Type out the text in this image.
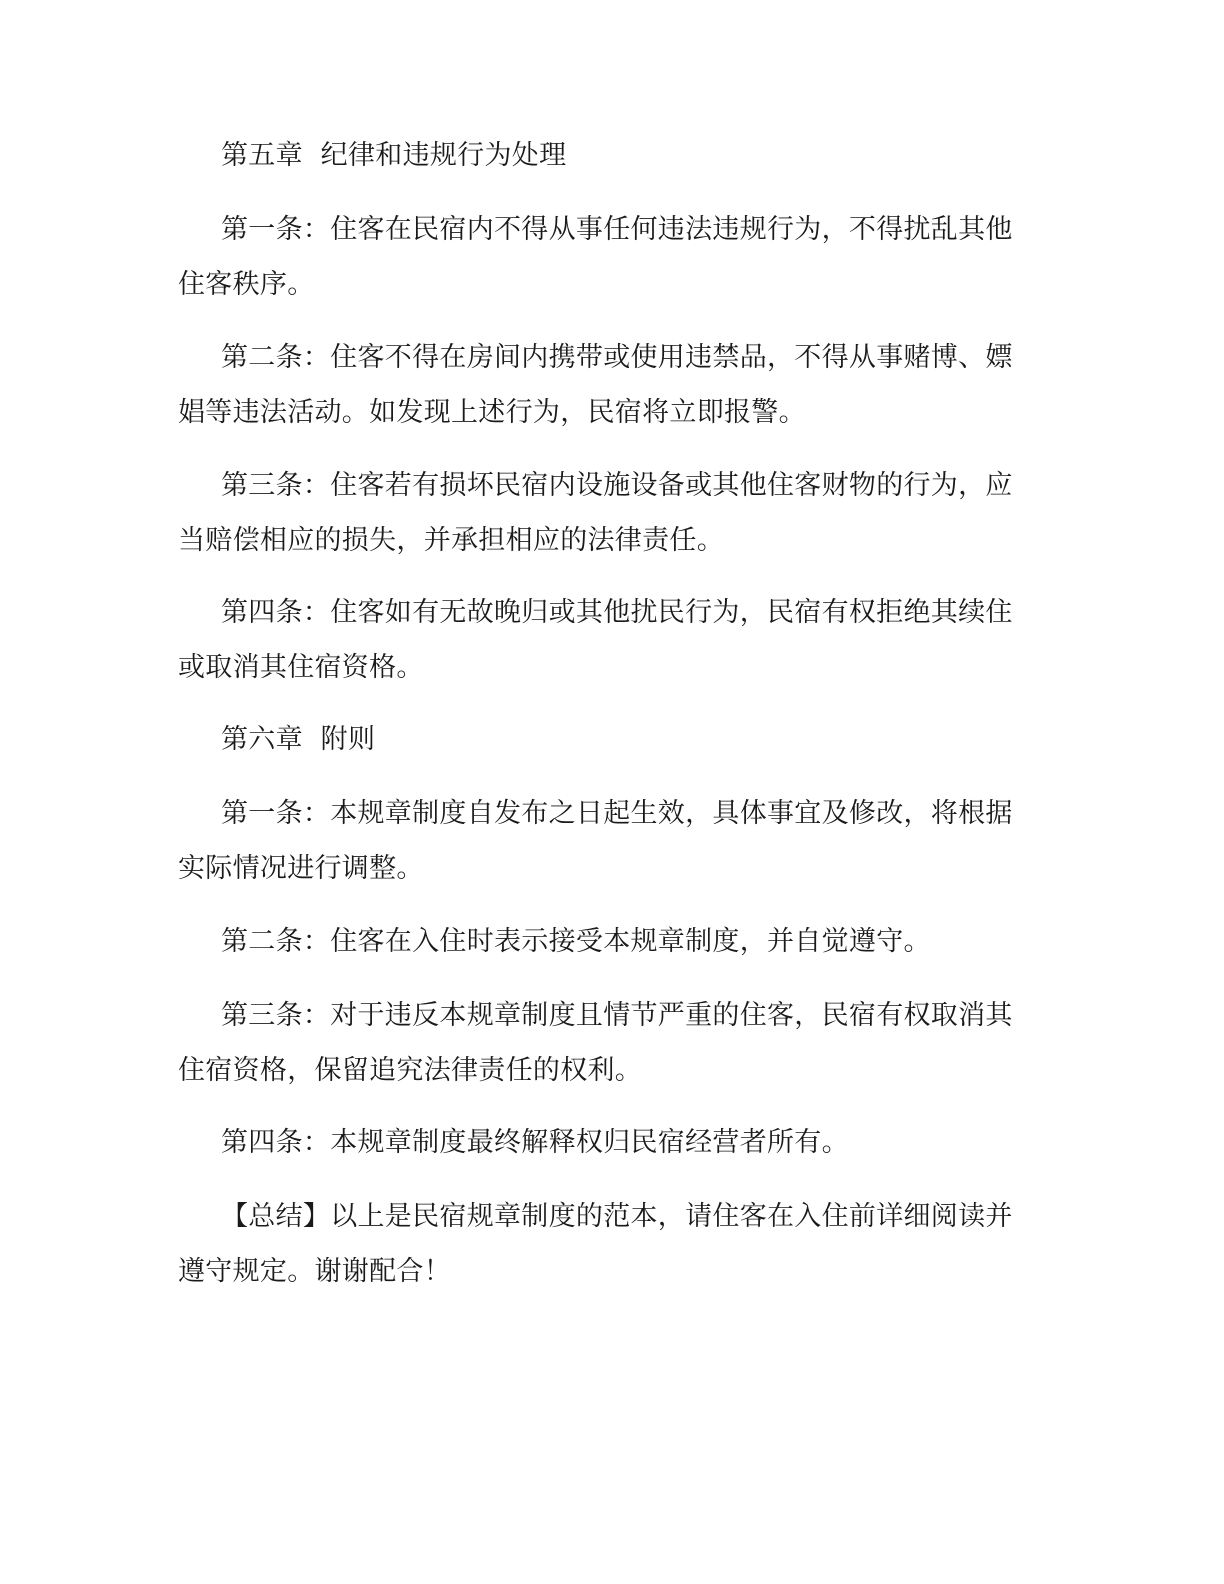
第五章  纪律和违规行为处理

第一条：住客在民宿内不得从事任何违法违规行为，不得扰乱其他住客秩序。

第二条：住客不得在房间内携带或使用违禁品，不得从事赌博、嫖娼等违法活动。如发现上述行为，民宿将立即报警。

第三条：住客若有损坏民宿内设施设备或其他住客财物的行为，应当赔偿相应的损失，并承担相应的法律责任。

第四条：住客如有无故晚归或其他扰民行为，民宿有权拒绝其续住或取消其住宿资格。

第六章  附则

第一条：本规章制度自发布之日起生效，具体事宜及修改，将根据实际情况进行调整。

第二条：住客在入住时表示接受本规章制度，并自觉遵守。

第三条：对于违反本规章制度且情节严重的住客，民宿有权取消其住宿资格，保留追究法律责任的权利。

第四条：本规章制度最终解释权归民宿经营者所有。

【总结】以上是民宿规章制度的范本，请住客在入住前详细阅读并遵守规定。谢谢配合！
